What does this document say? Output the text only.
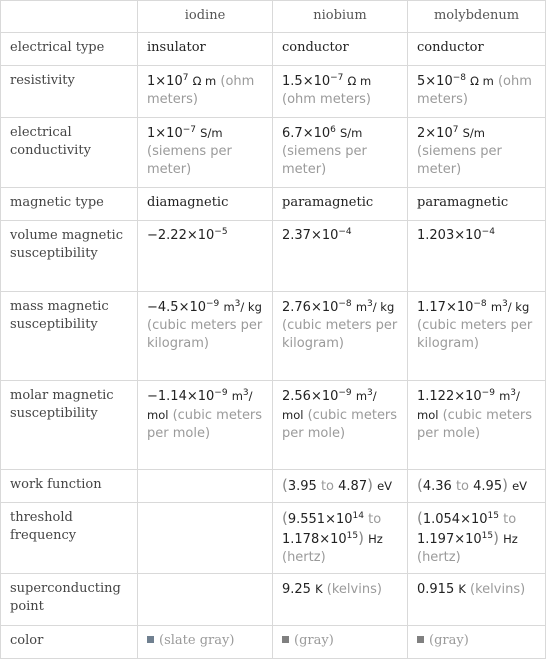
	iodine	niobium	molybdenum
electrical type	insulator	conductor	conductor
resistivity	$1\times 10^7$ Ω m (ohm meters)	$1.5\times 10^{-7}$ Ω m (ohm meters)	$5\times 10^{-8}$ Ω m (ohm meters)
electrical conductivity	$1\times 10^{-7}$ S/m (siemens per meter)	$6.7\times 10^6$ S/m (siemens per meter)	$2\times 10^7$ S/m (siemens per meter)
magnetic type	diamagnetic	paramagnetic	paramagnetic
volume magnetic susceptibility	$-2.22\times 10^{-5}$	$2.37\times 10^{-4}$	$1.203\times 10^{-4}$
mass magnetic susceptibility	$-4.5\times 10^{-9}$ $m^3/$ kg (cubic meters per kilogram)	$2.76\times 10^{-8}$ $m^3/$ kg (cubic meters per kilogram)	$1.17\times 10^{-8}$ $m^3/$ kg (cubic meters per kilogram)
molar magnetic susceptibility	$-1.14\times 10^{-9}$ $m^3/$ mol (cubic meters per mole)	$2.56\times 10^{-9}$ $m^3/$ mol (cubic meters per mole)	$1.122\times 10^{-9}$ $m^3/$ mol (cubic meters per mole)
work function		(3.95 to 4.87) eV	(4.36 to 4.95) eV
threshold frequency		($9.551\times 10^{14}$ to $1.178\times 10^{15}$) Hz (hertz)	($1.054\times 10^{15}$ to $1.197\times 10^{15}$) Hz (hertz)
superconducting point		9.25 K (kelvins)	0.915 K (kelvins)
color	(slate gray)	(gray)	(gray)
